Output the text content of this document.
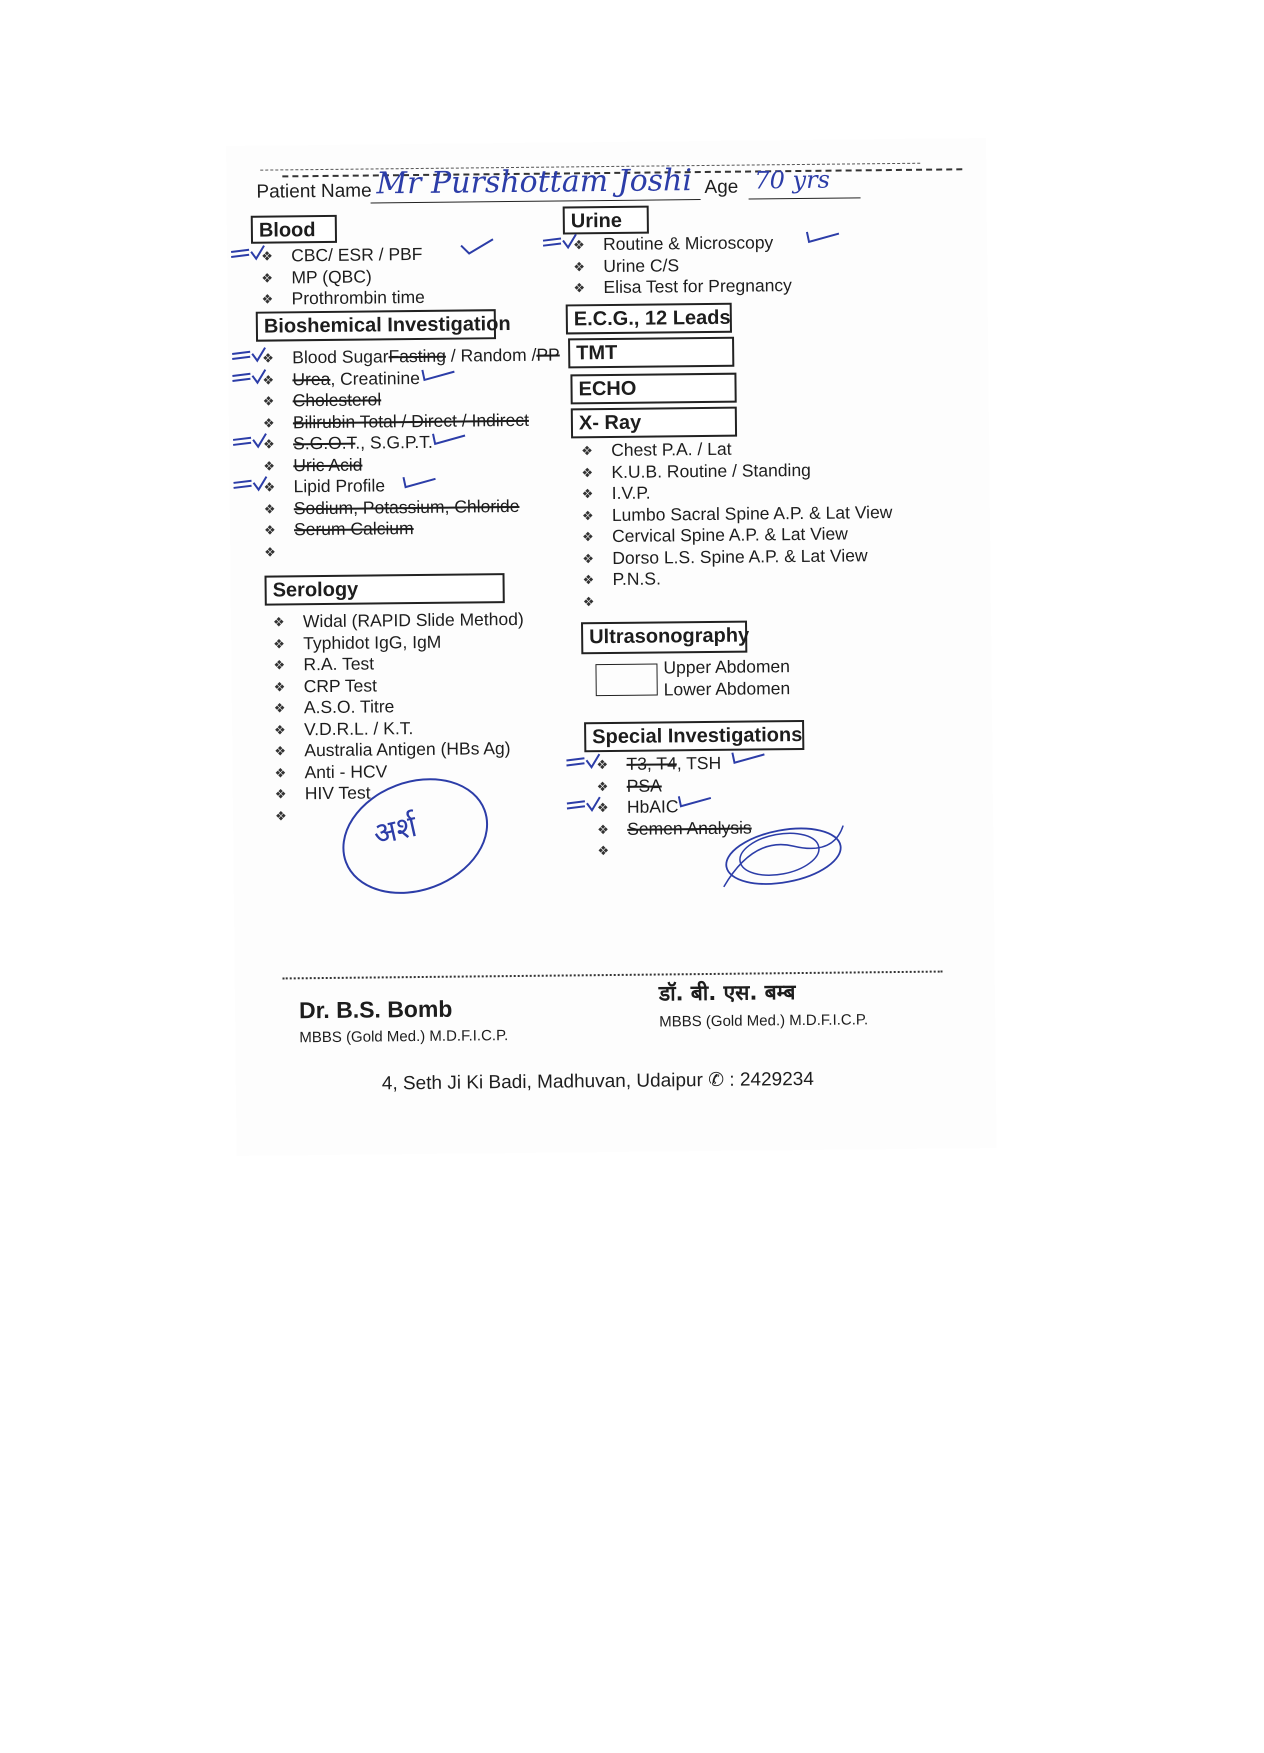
Patient Name Mr Purshottam Joshi Age 70 yrs
Blood
❖ CBC/ ESR / PBF
❖ MP (QBC)
❖ Prothrombin time
Bioshemical Investigation
❖ Blood SugarFasting / Random /PP
❖ Urea, Creatinine
❖ Cholesterol
❖ Bilirubin Total / Direct / Indirect
❖ S.G.O.T., S.G.P.T.
❖ Uric Acid
❖ Lipid Profile
❖ Sodium, Potassium, Chloride
❖ Serum Calcium
❖
Serology
❖ Widal (RAPID Slide Method)
❖ Typhidot IgG, IgM
❖ R.A. Test
❖ CRP Test
❖ A.S.O. Titre
❖ V.D.R.L. / K.T.
❖ Australia Antigen (HBs Ag)
❖ Anti - HCV
❖ HIV Test
❖	अर्श
Urine
❖ Routine & Microscopy
❖ Urine C/S
❖ Elisa Test for Pregnancy
E.C.G., 12 Leads
TMT
ECHO
X- Ray
❖ Chest P.A. / Lat
❖ K.U.B. Routine / Standing
❖ I.V.P.
❖ Lumbo Sacral Spine A.P. & Lat View
❖ Cervical Spine A.P. & Lat View
❖ Dorso L.S. Spine A.P. & Lat View
❖ P.N.S.
❖
Ultrasonography
Upper Abdomen
Lower Abdomen
Special Investigations
❖ T3, T4, TSH
❖ PSA
❖ HbAIC
❖ Semen Analysis
❖
Dr. B.S. Bomb
MBBS (Gold Med.) M.D.F.I.C.P.
डॉ. बी. एस. बम्ब
MBBS (Gold Med.) M.D.F.I.C.P.
4, Seth Ji Ki Badi, Madhuvan, Udaipur ✆ : 2429234
